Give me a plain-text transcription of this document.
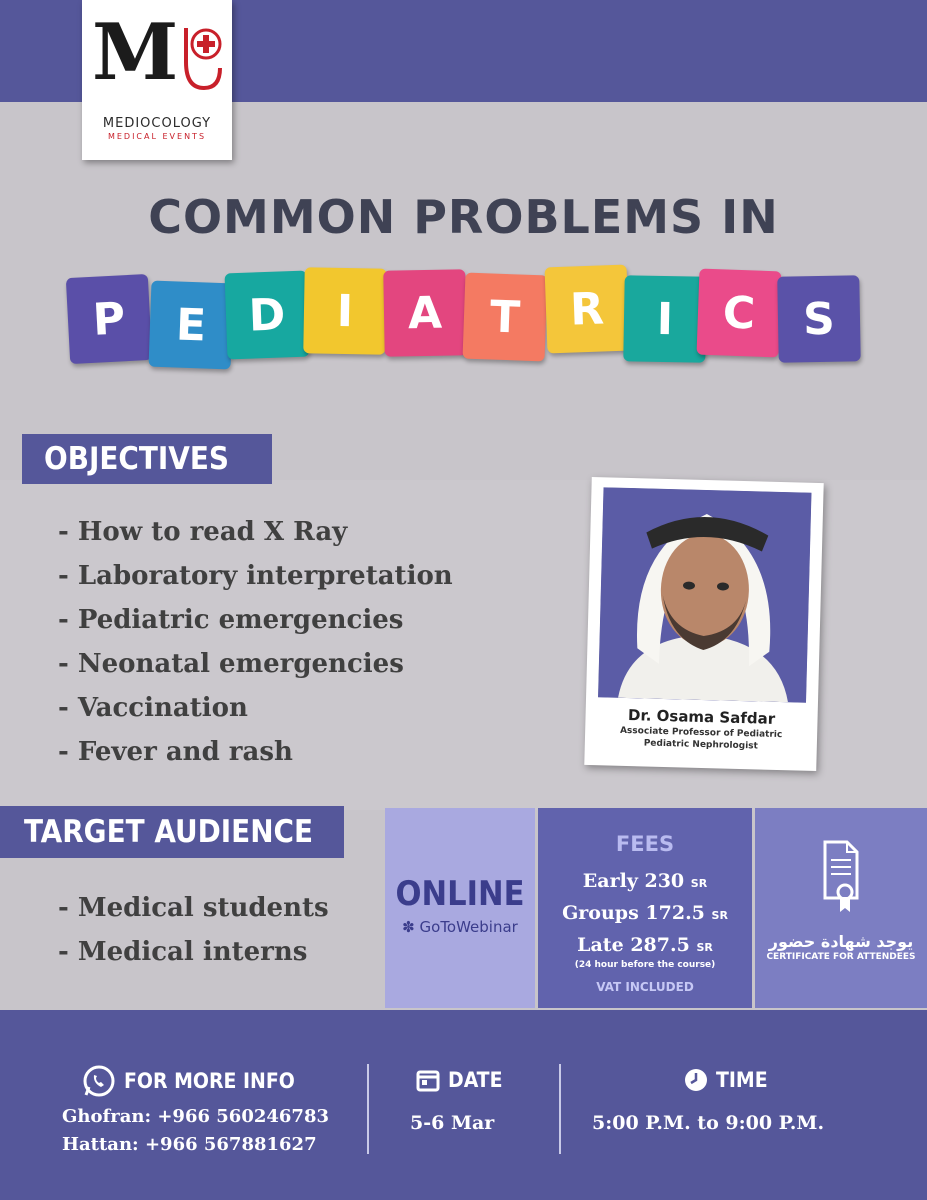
M
MEDIOCOLOGY
MEDICAL EVENTS
COMMON PROBLEMS IN
P	E D	I	A	T	R	I	C	S
OBJECTIVES
- How to read X Ray
- Laboratory interpretation
- Pediatric emergencies
- Neonatal emergencies
- Vaccination
- Fever and rash
Dr. Osama Safdar
Associate Professor of Pediatric
Pediatric Nephrologist
TARGET AUDIENCE
- Medical students
- Medical interns
ONLINE
✽ GoToWebinar
FEES
Early 230 SR
Groups 172.5 SR
Late 287.5 SR
(24 hour before the course)
VAT INCLUDED
يوجد شهادة حضور
CERTIFICATE FOR ATTENDEES
FOR MORE INFO
Ghofran: +966 560246783
Hattan: +966 567881627
DATE
5-6 Mar
TIME
5:00 P.M. to 9:00 P.M.
